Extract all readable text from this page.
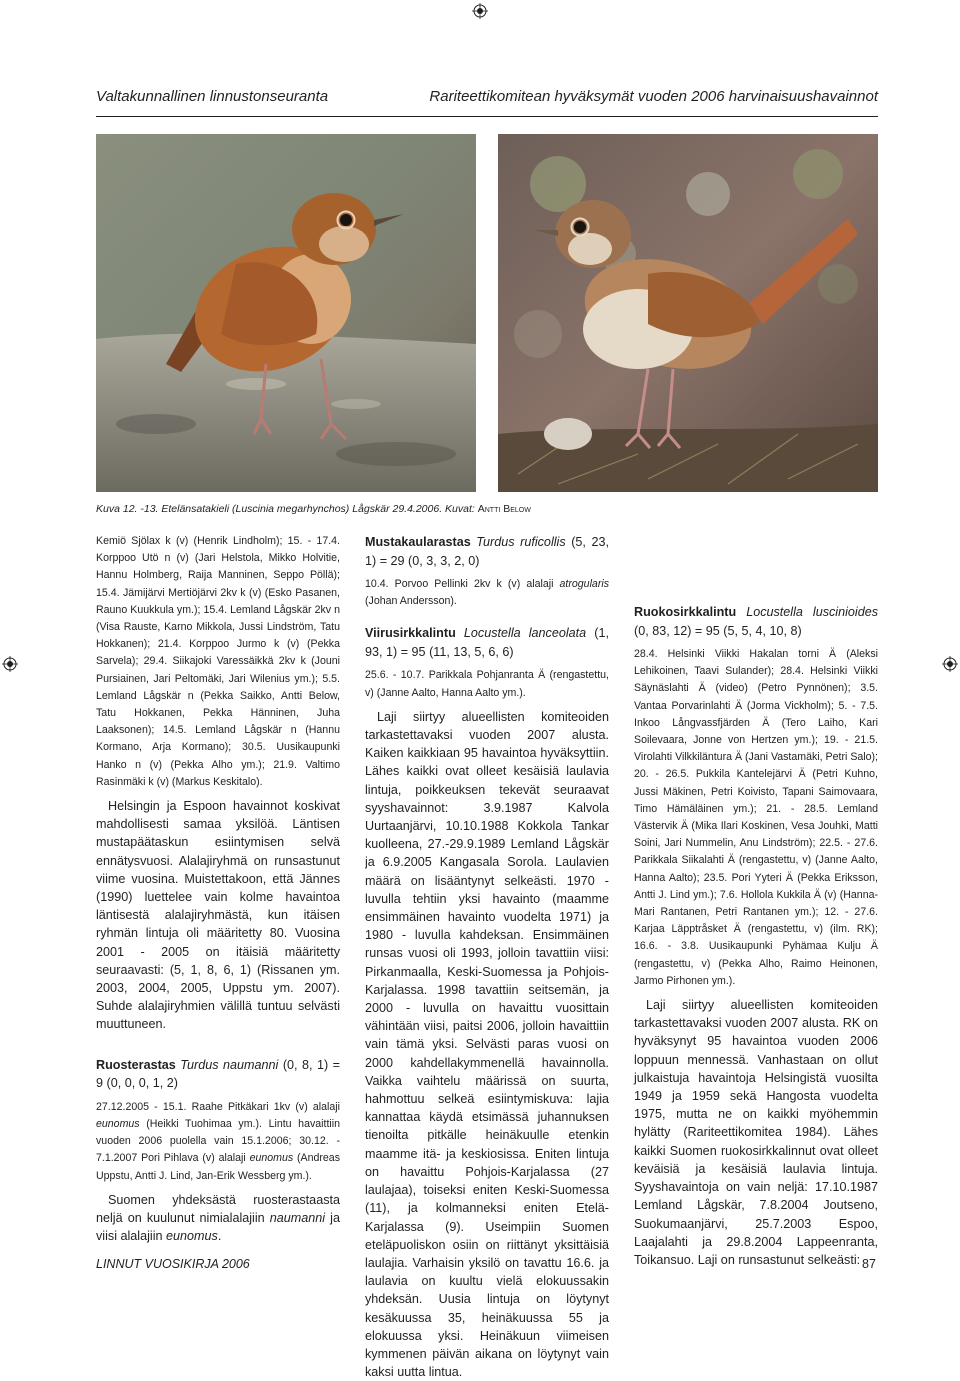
Valtakunnallinen linnustonseuranta	Rariteettikomitean hyväksymät vuoden 2006 harvinaisuushavainnot
Kuva 12. -13. Etelänsatakieli (Luscinia megarhynchos) Lågskär 29.4.2006. Kuvat: Antti Below

Kemiö Sjölax k (v) (Henrik Lindholm); 15. - 17.4. Korppoo Utö n (v) (Jari Helstola, Mikko Holvitie, Hannu Holmberg, Raija Manninen, Seppo Pöllä); 15.4. Jämijärvi Mertiöjärvi 2kv k (v) (Esko Pasanen, Rauno Kuukkula ym.); 15.4. Lemland Lågskär 2kv n (Visa Rauste, Karno Mikkola, Jussi Lindström, Tatu Hokkanen); 21.4. Korppoo Jurmo k (v) (Pekka Sarvela); 29.4. Siikajoki Varessäikkä 2kv k (Jouni Pursiainen, Jari Peltomäki, Jari Wilenius ym.); 5.5. Lemland Lågskär n (Pekka Saikko, Antti Below, Tatu Hokkanen, Pekka Hänninen, Juha Laaksonen); 14.5. Lemland Lågskär n (Hannu Kormano, Arja Kormano); 30.5. Uusikaupunki Hanko n (v) (Pekka Alho ym.); 21.9. Valtimo Rasinmäki k (v) (Markus Keskitalo).

Helsingin ja Espoon havainnot koskivat mahdollisesti samaa yksilöä. Läntisen mustapäätaskun esiintymisen selvä ennätysvuosi. Alalajiryhmä on runsastunut viime vuosina. Muistettakoon, että Jännes (1990) luettelee vain kolme havaintoa läntisestä alalajiryhmästä, kun itäisen ryhmän lintuja oli määritetty 80. Vuosina 2001 - 2005 on itäisiä määritetty seuraavasti: (5, 1, 8, 6, 1) (Rissanen ym. 2003, 2004, 2005, Uppstu ym. 2007). Suhde alalajiryhmien välillä tuntuu selvästi muuttuneen.

Ruosterastas Turdus naumanni (0, 8, 1) = 9 (0, 0, 0, 1, 2)

27.12.2005 - 15.1. Raahe Pitkäkari 1kv (v) alalaji eunomus (Heikki Tuohimaa ym.). Lintu havaittiin vuoden 2006 puolella vain 15.1.2006; 30.12. - 7.1.2007 Pori Pihlava (v) alalaji eunomus (Andreas Uppstu, Antti J. Lind, Jan-Erik Wessberg ym.).

Suomen yhdeksästä ruosterastaasta neljä on kuulunut nimialalajiin naumanni ja viisi alalajiin eunomus.

Mustakaularastas Turdus ruficollis (5, 23, 1) = 29 (0, 3, 3, 2, 0)

10.4. Porvoo Pellinki 2kv k (v) alalaji atrogularis (Johan Andersson).

Viirusirkkalintu Locustella lanceolata (1, 93, 1) = 95 (11, 13, 5, 6, 6)

25.6. - 10.7. Parikkala Pohjanranta Ä (rengastettu, v) (Janne Aalto, Hanna Aalto ym.).

Laji siirtyy alueellisten komiteoiden tarkastettavaksi vuoden 2007 alusta. Kaiken kaikkiaan 95 havaintoa hyväksyttiin. Lähes kaikki ovat olleet kesäisiä laulavia lintuja, poikkeuksen tekevät seuraavat syyshavainnot: 3.9.1987 Kalvola Uurtaanjärvi, 10.10.1988 Kokkola Tankar kuolleena, 27.-29.9.1989 Lemland Lågskär ja 6.9.2005 Kangasala Sorola. Laulavien määrä on lisääntynyt selkeästi. 1970 - luvulla tehtiin yksi havainto (maamme ensimmäinen havainto vuodelta 1971) ja 1980 - luvulla kahdeksan. Ensimmäinen runsas vuosi oli 1993, jolloin tavattiin viisi: Pirkanmaalla, Keski-Suomessa ja Pohjois-Karjalassa. 1998 tavattiin seitsemän, ja 2000 - luvulla on havaittu vuosittain vähintään viisi, paitsi 2006, jolloin havaittiin vain tämä yksi. Selvästi paras vuosi on 2000 kahdellakymmenellä havainnolla. Vaikka vaihtelu määrissä on suurta, hahmottuu selkeä esiintymiskuva: lajia kannattaa käydä etsimässä juhannuksen tienoilta pitkälle heinäkuulle etenkin maamme itä- ja keskiosissa. Eniten lintuja on havaittu Pohjois-Karjalassa (27 laulajaa), toiseksi eniten Keski-Suomessa (11), ja kolmanneksi eniten Etelä-Karjalassa (9). Useimpiin Suomen eteläpuoliskon osiin on riittänyt yksittäisiä laulajia. Varhaisin yksilö on tavattu 16.6. ja laulavia on kuultu vielä elokuussakin yhdeksän. Uusia lintuja on löytynyt kesäkuussa 35, heinäkuussa 55 ja elokuussa yksi. Heinäkuun viimeisen kymmenen päivän aikana on löytynyt vain kaksi uutta lintua.

Ruokosirkkalintu Locustella luscinioides (0, 83, 12) = 95 (5, 5, 4, 10, 8)

28.4. Helsinki Viikki Hakalan torni Ä (Aleksi Lehikoinen, Taavi Sulander); 28.4. Helsinki Viikki Säynäslahti Ä (video) (Petro Pynnönen); 3.5. Vantaa Porvarinlahti Ä (Jorma Vickholm); 5. - 7.5. Inkoo Långvassfjärden Ä (Tero Laiho, Kari Soilevaara, Jonne von Hertzen ym.); 19. - 21.5. Virolahti Vilkkiläntura Ä (Jani Vastamäki, Petri Salo); 20. - 26.5. Pukkila Kantelejärvi Ä (Petri Kuhno, Jussi Mäkinen, Petri Koivisto, Tapani Saimovaara, Timo Hämäläinen ym.); 21. - 28.5. Lemland Västervik Ä (Mika Ilari Koskinen, Vesa Jouhki, Matti Soini, Jari Nummelin, Anu Lindström); 22.5. - 27.6. Parikkala Siikalahti Ä (rengastettu, v) (Janne Aalto, Hanna Aalto); 23.5. Pori Yyteri Ä (Pekka Eriksson, Antti J. Lind ym.); 7.6. Hollola Kukkila Ä (v) (Hanna-Mari Rantanen, Petri Rantanen ym.); 12. - 27.6. Karjaa Läpptråsket Ä (rengastettu, v) (ilm. RK); 16.6. - 3.8. Uusikaupunki Pyhämaa Kulju Ä (rengastettu, v) (Pekka Alho, Raimo Heinonen, Jarmo Pirhonen ym.).

Laji siirtyy alueellisten komiteoiden tarkastettavaksi vuoden 2007 alusta. RK on hyväksynyt 95 havaintoa vuoden 2006 loppuun mennessä. Vanhastaan on ollut julkaistuja havaintoja Helsingistä vuosilta 1949 ja 1959 sekä Hangosta vuodelta 1975, mutta ne on kaikki myöhemmin hylätty (Rariteettikomitea 1984). Lähes kaikki Suomen ruokosirkkalinnut ovat olleet keväisiä ja kesäisiä laulavia lintuja. Syyshavaintoja on vain neljä: 17.10.1987 Lemland Lågskär, 7.8.2004 Joutseno, Suokumaanjärvi, 25.7.2003 Espoo, Laajalahti ja 29.8.2004 Lappeenranta, Toikansuo. Laji on runsastunut selkeästi:

LINNUT VUOSIKIRJA 2006	87
